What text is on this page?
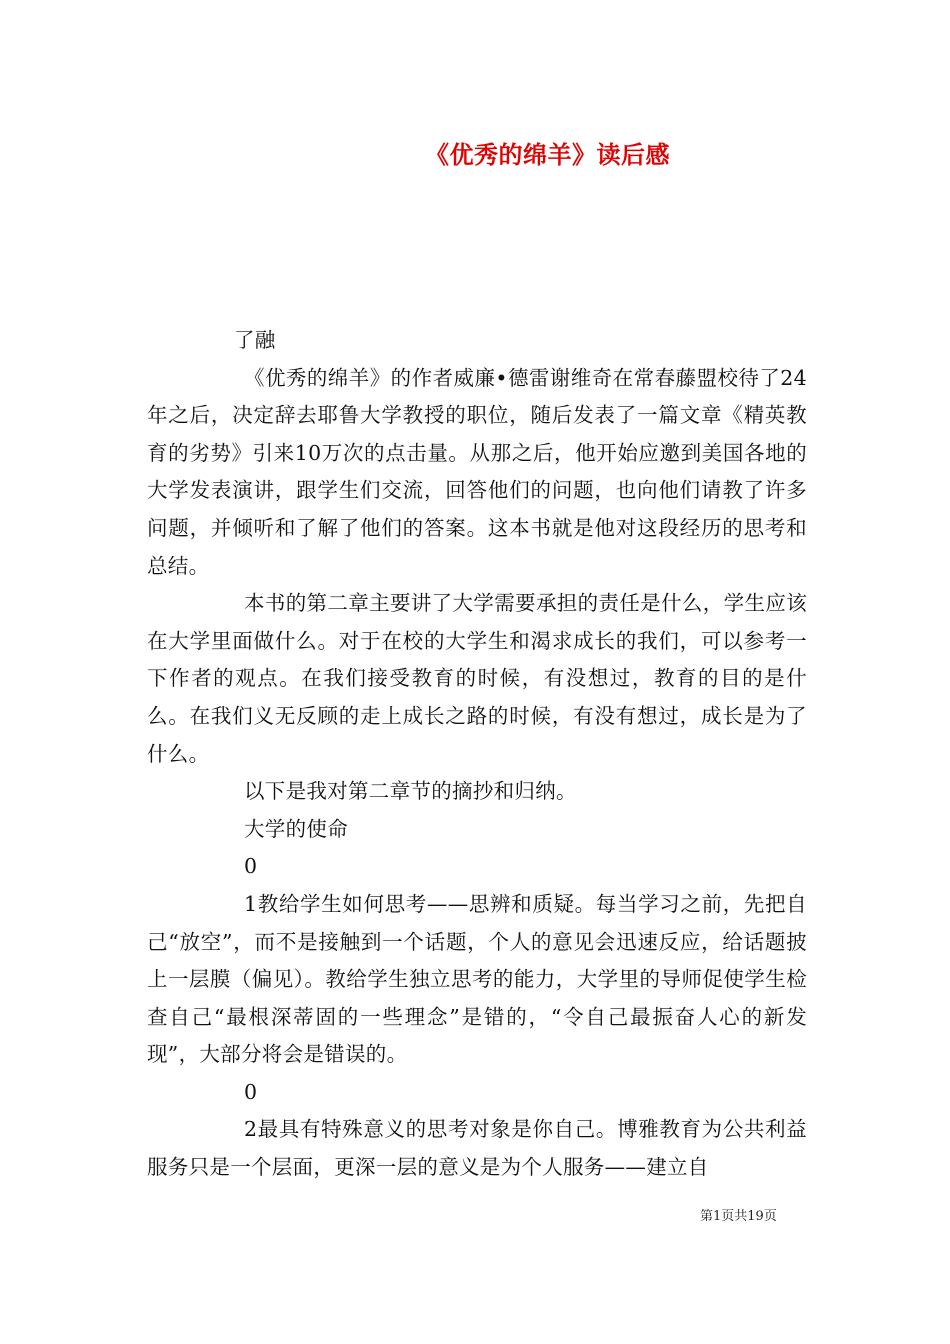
《优秀的绵羊》读后感

了融

《优秀的绵羊》的作者威廉•德雷谢维奇在常春藤盟校待了24年之后，决定辞去耶鲁大学教授的职位，随后发表了一篇文章《精英教育的劣势》引来10万次的点击量。从那之后，他开始应邀到美国各地的大学发表演讲，跟学生们交流，回答他们的问题，也向他们请教了许多问题，并倾听和了解了他们的答案。这本书就是他对这段经历的思考和总结。

本书的第二章主要讲了大学需要承担的责任是什么，学生应该在大学里面做什么。对于在校的大学生和渴求成长的我们，可以参考一下作者的观点。在我们接受教育的时候，有没想过，教育的目的是什么。在我们义无反顾的走上成长之路的时候，有没有想过，成长是为了什么。

以下是我对第二章节的摘抄和归纳。

大学的使命

0

1教给学生如何思考——思辨和质疑。每当学习之前，先把自己“放空”，而不是接触到一个话题，个人的意见会迅速反应，给话题披上一层膜（偏见）。教给学生独立思考的能力，大学里的导师促使学生检查自己“最根深蒂固的一些理念”是错的，“令自己最振奋人心的新发现”，大部分将会是错误的。

0

2最具有特殊意义的思考对象是你自己。博雅教育为公共利益服务只是一个层面，更深一层的意义是为个人服务——建立自

第1页共19页
